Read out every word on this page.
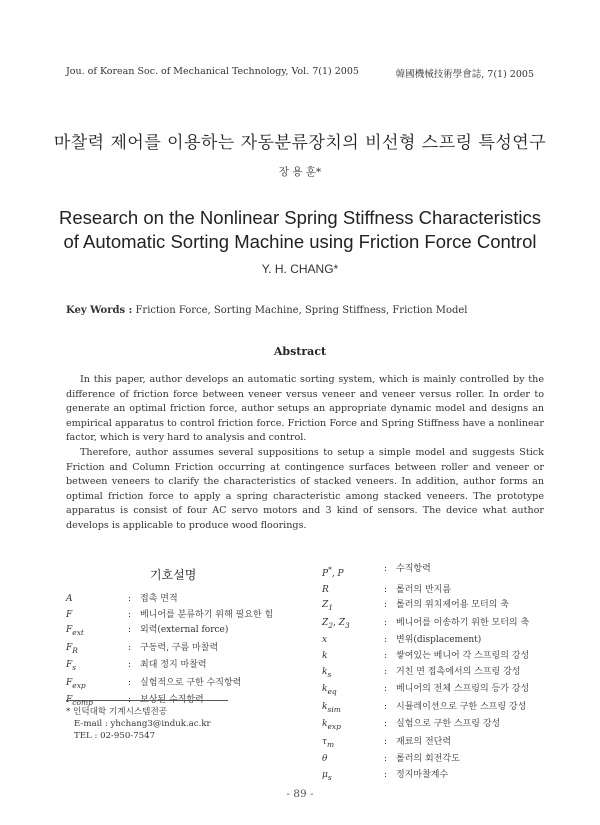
Jou. of Korean Soc. of Mechanical Technology, Vol. 7(1) 2005	韓國機械技術學會誌, 7(1) 2005
마찰력 제어를 이용하는 자동분류장치의 비선형 스프링 특성연구
장 용 훈*
Research on the Nonlinear Spring Stiffness Characteristics
of Automatic Sorting Machine using Friction Force Control
Y. H. CHANG*
Key Words : Friction Force, Sorting Machine, Spring Stiffness, Friction Model
Abstract

In this paper, author develops an automatic sorting system, which is mainly controlled by the difference of friction force between veneer versus veneer and veneer versus roller. In order to generate an optimal friction force, author setups an appropriate dynamic model and designs an empirical apparatus to control friction force. Friction Force and Spring Stiffness have a nonlinear factor, which is very hard to analysis and control.

Therefore, author assumes several suppositions to setup a simple model and suggests Stick Friction and Column Friction occurring at contingence surfaces between roller and veneer or between veneers to clarify the characteristics of stacked veneers. In addition, author forms an optimal friction force to apply a spring characteristic among stacked veneers. The prototype apparatus is consist of four AC servo motors and 3 kind of sensors. The device what author develops is applicable to produce wood floorings.

기호설명
A	: 접촉 면적
F	: 베니어를 분류하기 위해 필요한 힘
$F_{ext}$	: 외력(external force)
$F_R$	: 구동력, 구름 마찰력
$F_s$	: 최대 정지 마찰력
$F_{exp}$	: 실험적으로 구한 수직항력
$F_{comp}$	: 보상된 수직항력
P*, P	: 수직항력
R	: 롤러의 반지름
$Z_1$	: 롤러의 위치제어용 모터의 축
$Z_2$, $Z_3$	: 베니어를 이송하기 위한 모터의 축
x	: 변위(displacement)
k	: 쌓여있는 베니어 각 스프링의 강성
$k_s$	: 거친 면 접촉에서의 스프링 강성
$k_{eq}$	: 베니어의 전체 스프링의 등가 강성
$k_{sim}$	: 시뮬레이션으로 구한 스프링 강성
$k_{exp}$	: 실험으로 구한 스프링 강성
$\tau_m$	: 재료의 전단력
θ	: 롤러의 회전각도
$\mu_s$	: 정지마찰계수
* 인덕대학 기계시스템전공
E-mail : yhchang3@induk.ac.kr
TEL : 02-950-7547
- 89 -
